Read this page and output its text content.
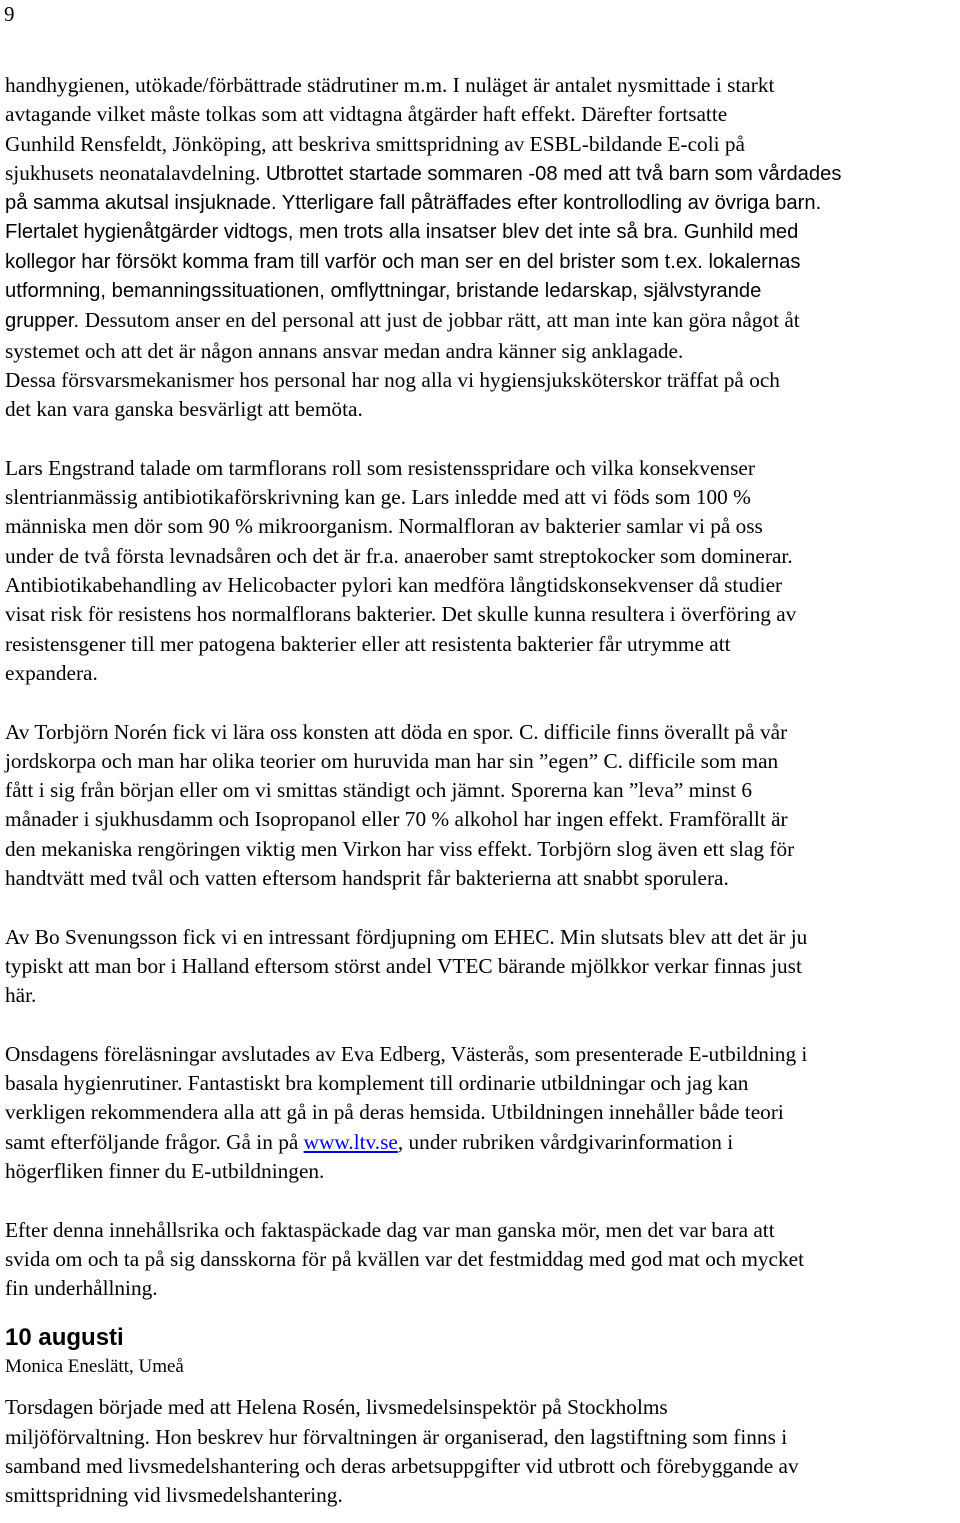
9
handhygienen, utökade/förbättrade städrutiner m.m. I nuläget är antalet nysmittade i starkt
avtagande vilket måste tolkas som att vidtagna åtgärder haft effekt. Därefter fortsatte
Gunhild Rensfeldt, Jönköping, att beskriva smittspridning av ESBL-bildande E-coli på
sjukhusets neonatalavdelning. Utbrottet startade sommaren -08 med att två barn som vårdades
på samma akutsal insjuknade. Ytterligare fall påträffades efter kontrollodling av övriga barn.
Flertalet hygienåtgärder vidtogs, men trots alla insatser blev det inte så bra. Gunhild med
kollegor har försökt komma fram till varför och man ser en del brister som t.ex. lokalernas
utformning, bemanningssituationen, omflyttningar, bristande ledarskap, självstyrande
grupper. Dessutom anser en del personal att just de jobbar rätt, att man inte kan göra något åt
systemet och att det är någon annans ansvar medan andra känner sig anklagade.
Dessa försvarsmekanismer hos personal har nog alla vi hygiensjuksköterskor träffat på och
det kan vara ganska besvärligt att bemöta.
Lars Engstrand talade om tarmflorans roll som resistensspridare och vilka konsekvenser
slentrianmässig antibiotikaförskrivning kan ge. Lars inledde med att vi föds som 100 %
människa men dör som 90 % mikroorganism. Normalfloran av bakterier samlar vi på oss
under de två första levnadsåren och det är fr.a. anaerober samt streptokocker som dominerar.
Antibiotikabehandling av Helicobacter pylori kan medföra långtidskonsekvenser då studier
visat risk för resistens hos normalflorans bakterier. Det skulle kunna resultera i överföring av
resistensgener till mer patogena bakterier eller att resistenta bakterier får utrymme att
expandera.
Av Torbjörn Norén fick vi lära oss konsten att döda en spor. C. difficile finns överallt på vår
jordskorpa och man har olika teorier om huruvida man har sin ”egen” C. difficile som man
fått i sig från början eller om vi smittas ständigt och jämnt. Sporerna kan ”leva” minst 6
månader i sjukhusdamm och Isopropanol eller 70 % alkohol har ingen effekt. Framförallt är
den mekaniska rengöringen viktig men Virkon har viss effekt. Torbjörn slog även ett slag för
handtvätt med tvål och vatten eftersom handsprit får bakterierna att snabbt sporulera.
Av Bo Svenungsson fick vi en intressant fördjupning om EHEC. Min slutsats blev att det är ju
typiskt att man bor i Halland eftersom störst andel VTEC bärande mjölkkor verkar finnas just
här.
Onsdagens föreläsningar avslutades av Eva Edberg, Västerås, som presenterade E-utbildning i
basala hygienrutiner. Fantastiskt bra komplement till ordinarie utbildningar och jag kan
verkligen rekommendera alla att gå in på deras hemsida. Utbildningen innehåller både teori
samt efterföljande frågor. Gå in på www.ltv.se, under rubriken vårdgivarinformation i
högerfliken finner du E-utbildningen.
Efter denna innehållsrika och faktaspäckade dag var man ganska mör, men det var bara att
svida om och ta på sig dansskorna för på kvällen var det festmiddag med god mat och mycket
fin underhållning.
10 augusti
Monica Eneslätt, Umeå
Torsdagen började med att Helena Rosén, livsmedelsinspektör på Stockholms
miljöförvaltning. Hon beskrev hur förvaltningen är organiserad, den lagstiftning som finns i
samband med livsmedelshantering och deras arbetsuppgifter vid utbrott och förebyggande av
smittspridning vid livsmedelshantering.
